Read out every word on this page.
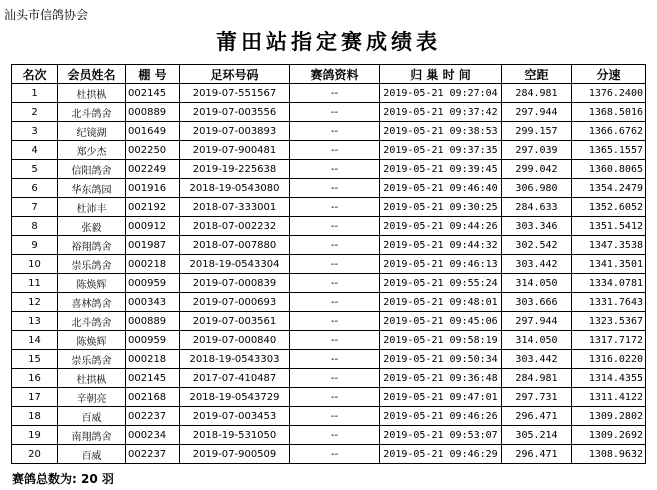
汕头市信鸽协会
莆田站指定赛成绩表
名次	会员姓名	棚 号	足环号码	赛鸽资料	归 巢 时 间	空距	分速
1	杜拱枞	002145	2019-07-551567	--	2019-05-21 09:27:04	284.981	1376.2400
2	北斗鸽舍	000889	2019-07-003556	--	2019-05-21 09:37:42	297.944	1368.5016
3	纪镜湖	001649	2019-07-003893	--	2019-05-21 09:38:53	299.157	1366.6762
4	郑少杰	002250	2019-07-900481	--	2019-05-21 09:37:35	297.039	1365.1557
5	信阳鸽舍	002249	2019-19-225638	--	2019-05-21 09:39:45	299.042	1360.8065
6	华东鸽园	001916	2018-19-0543080	--	2019-05-21 09:46:40	306.980	1354.2479
7	杜沛丰	002192	2018-07-333001	--	2019-05-21 09:30:25	284.633	1352.6052
8	张毅	000912	2018-07-002232	--	2019-05-21 09:44:26	303.346	1351.5412
9	裕翔鸽舍	001987	2018-07-007880	--	2019-05-21 09:44:32	302.542	1347.3538
10	崇乐鸽舍	000218	2018-19-0543304	--	2019-05-21 09:46:13	303.442	1341.3501
11	陈焕辉	000959	2019-07-000839	--	2019-05-21 09:55:24	314.050	1334.0781
12	喜林鸽舍	000343	2019-07-000693	--	2019-05-21 09:48:01	303.666	1331.7643
13	北斗鸽舍	000889	2019-07-003561	--	2019-05-21 09:45:06	297.944	1323.5367
14	陈焕辉	000959	2019-07-000840	--	2019-05-21 09:58:19	314.050	1317.7172
15	崇乐鸽舍	000218	2018-19-0543303	--	2019-05-21 09:50:34	303.442	1316.0220
16	杜拱枞	002145	2017-07-410487	--	2019-05-21 09:36:48	284.981	1314.4355
17	辛朝亮	002168	2018-19-0543729	--	2019-05-21 09:47:01	297.731	1311.4122
18	百威	002237	2019-07-003453	--	2019-05-21 09:46:26	296.471	1309.2802
19	南翔鸽舍	000234	2018-19-531050	--	2019-05-21 09:53:07	305.214	1309.2692
20	百威	002237	2019-07-900509	--	2019-05-21 09:46:29	296.471	1308.9632
赛鸽总数为: 20 羽
